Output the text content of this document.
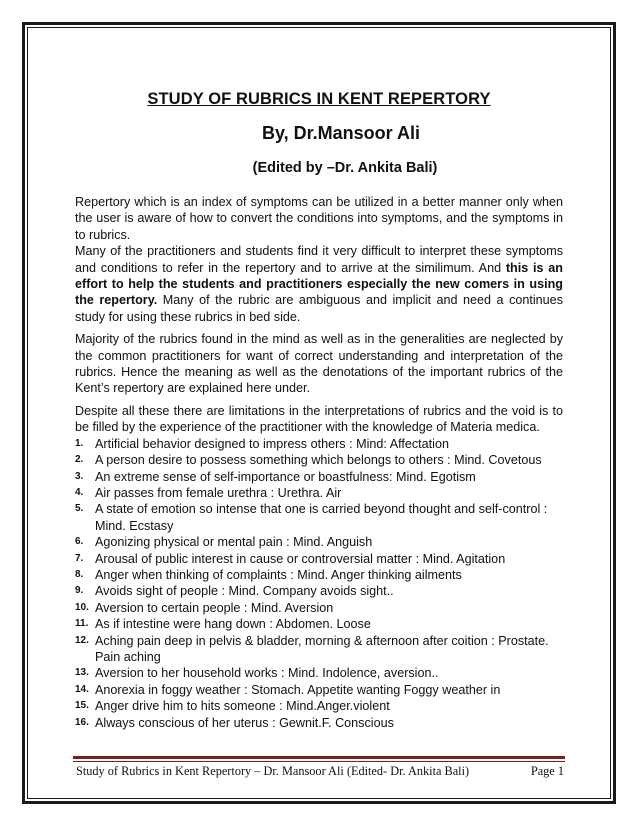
STUDY OF RUBRICS IN KENT REPERTORY
By, Dr.Mansoor Ali
(Edited by –Dr. Ankita Bali)

Repertory which is an index of symptoms can be utilized in a better manner only when the user is aware of how to convert the conditions into symptoms, and the symptoms in to rubrics.

Many of the practitioners and students find it very difficult to interpret these symptoms and conditions to refer in the repertory and to arrive at the similimum. And this is an effort to help the students and practitioners especially the new comers in using the repertory. Many of the rubric are ambiguous and implicit and need a continues study for using these rubrics in bed side.

Majority of the rubrics found in the mind as well as in the generalities are neglected by the common practitioners for want of correct understanding and interpretation of the rubrics. Hence the meaning as well as the denotations of the important rubrics of the Kent’s repertory are explained here under.

Despite all these there are limitations in the interpretations of rubrics and the void is to be filled by the experience of the practitioner with the knowledge of Materia medica.

1. Artificial behavior designed to impress others : Mind: Affectation
2. A person desire to possess something which belongs to others : Mind. Covetous
3. An extreme sense of self-importance or boastfulness: Mind. Egotism
4. Air passes from female urethra : Urethra. Air
5. A state of emotion so intense that one is carried beyond thought and self-control : Mind. Ecstasy
6. Agonizing physical or mental pain : Mind. Anguish
7. Arousal of public interest in cause or controversial matter : Mind. Agitation
8. Anger when thinking of complaints : Mind. Anger thinking ailments
9. Avoids sight of people : Mind. Company avoids sight..
10. Aversion to certain people : Mind. Aversion
11. As if intestine were hang down : Abdomen. Loose
12. Aching pain deep in pelvis & bladder, morning & afternoon after coition : Prostate. Pain aching
13. Aversion to her household works : Mind. Indolence, aversion..
14. Anorexia in foggy weather : Stomach. Appetite wanting Foggy weather in
15. Anger drive him to hits someone : Mind.Anger.violent
16. Always conscious of her uterus : Gewnit.F. Conscious
Study of Rubrics in Kent Repertory – Dr. Mansoor Ali (Edited- Dr. Ankita Bali)	Page 1
